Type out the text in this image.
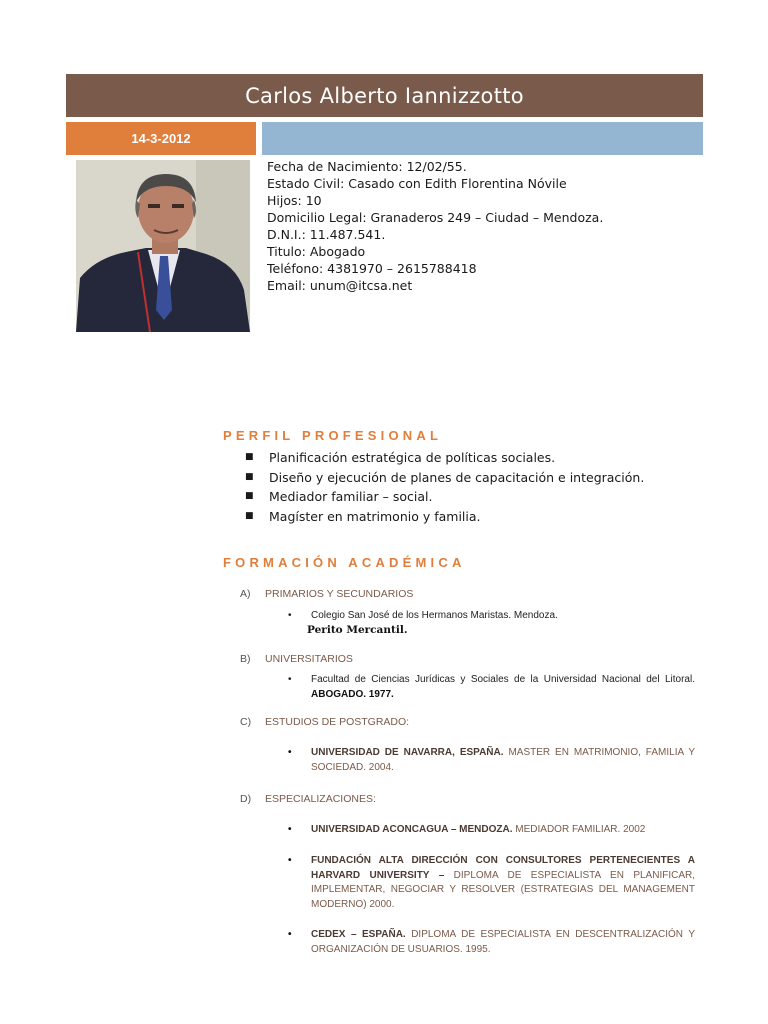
Carlos Alberto Iannizzotto
14-3-2012
Fecha de Nacimiento: 12/02/55.
Estado Civil: Casado con Edith Florentina Nóvile
Hijos: 10
Domicilio Legal: Granaderos 249 – Ciudad – Mendoza.
D.N.I.: 11.487.541.
Titulo: Abogado
Teléfono: 4381970 – 2615788418
Email: unum@itcsa.net
PERFIL PROFESIONAL
■	Planificación estratégica de políticas sociales.
■	Diseño y ejecución de planes de capacitación e integración.
■	Mediador familiar – social.
■	Magíster en matrimonio y familia.
FORMACIÓN ACADÉMICA
A) PRIMARIOS Y SECUNDARIOS
• Colegio San José de los Hermanos Maristas. Mendoza.
Perito Mercantil.
B) UNIVERSITARIOS
• Facultad de Ciencias Jurídicas y Sociales de la Universidad Nacional del Litoral. ABOGADO. 1977.
C) ESTUDIOS DE POSTGRADO:
• UNIVERSIDAD DE NAVARRA, ESPAÑA. MASTER EN MATRIMONIO, FAMILIA Y SOCIEDAD. 2004.
D) ESPECIALIZACIONES:
• UNIVERSIDAD ACONCAGUA – MENDOZA. MEDIADOR FAMILIAR. 2002
• FUNDACIÓN ALTA DIRECCIÓN CON CONSULTORES PERTENECIENTES A HARVARD UNIVERSITY – DIPLOMA DE ESPECIALISTA EN PLANIFICAR, IMPLEMENTAR, NEGOCIAR Y RESOLVER (ESTRATEGIAS DEL MANAGEMENT MODERNO) 2000.
• CEDEX – ESPAÑA. DIPLOMA DE ESPECIALISTA EN DESCENTRALIZACIÓN Y ORGANIZACIÓN DE USUARIOS. 1995.
